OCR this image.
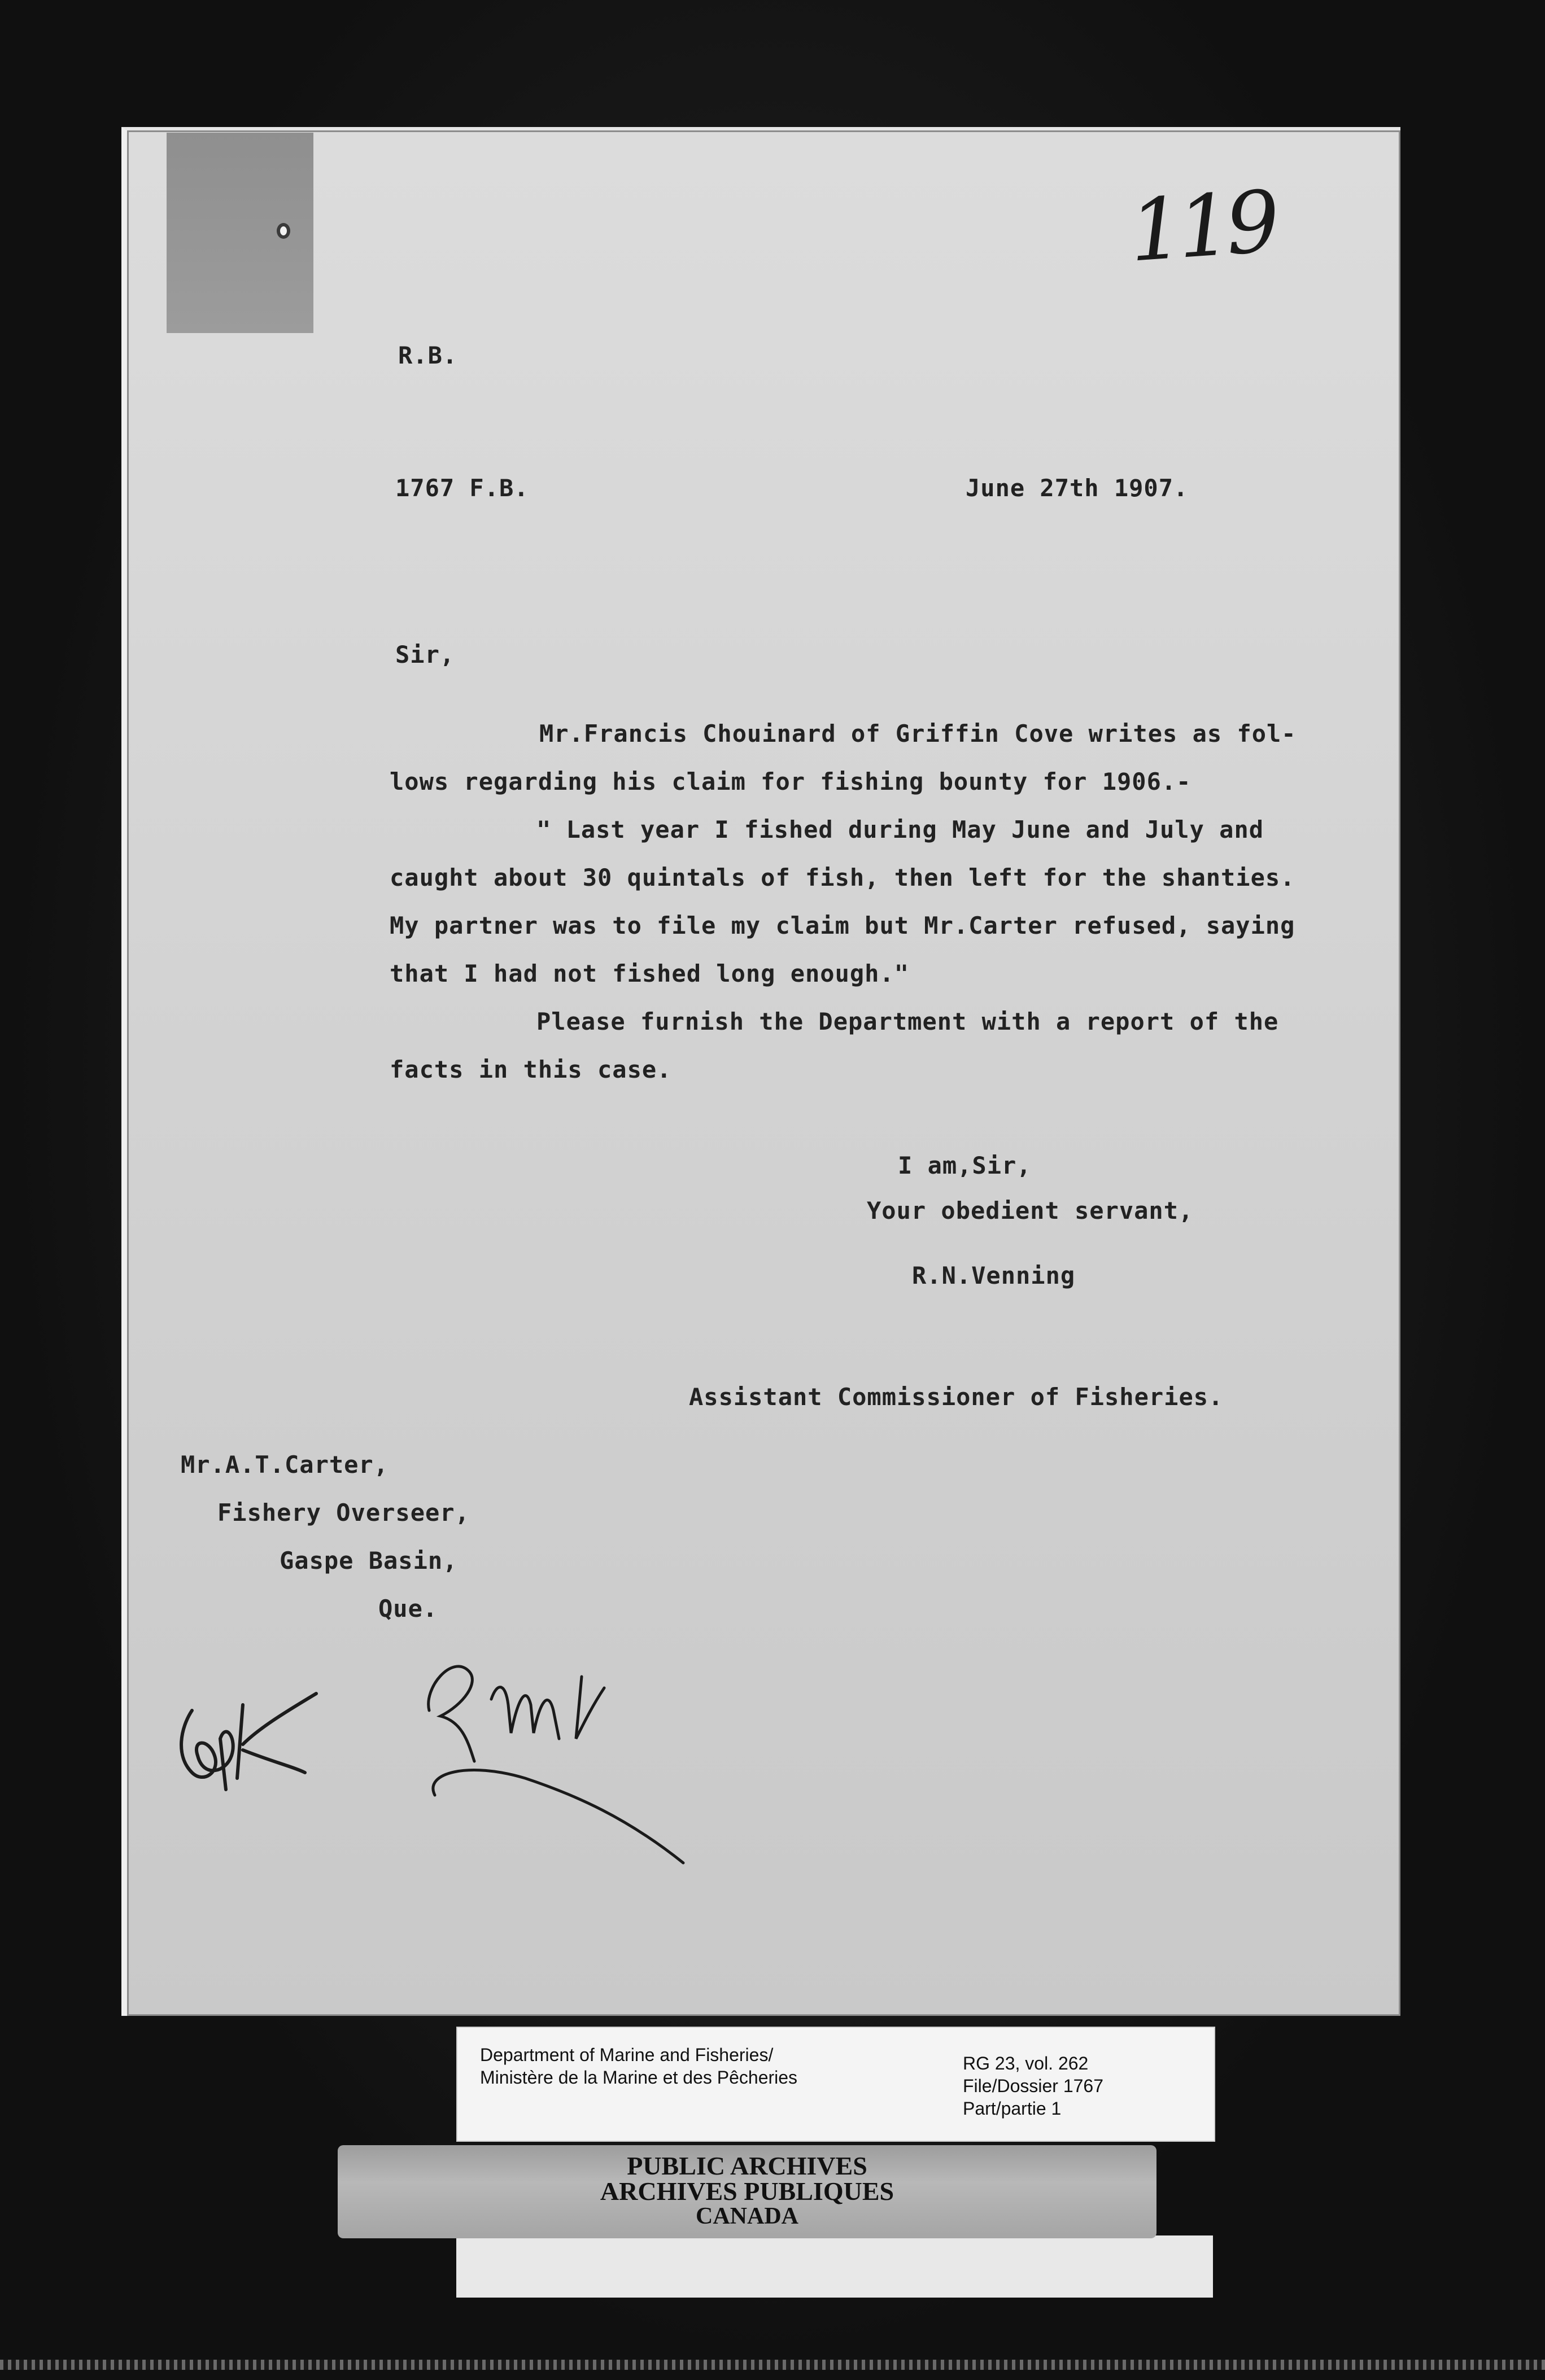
119
R.B.
1767 F.B.	June 27th 1907.
Sir,
Mr.Francis Chouinard of Griffin Cove writes as fol-
lows regarding his claim for fishing bounty for 1906.-
" Last year I fished during May June and July and
caught about 30 quintals of fish, then left for the shanties.
My partner was to file my claim but Mr.Carter refused, saying
that I had not fished long enough."
Please furnish the Department with a report of the
facts in this case.
I am,Sir,
Your obedient servant,
R.N.Venning
Assistant Commissioner of Fisheries.
Mr.A.T.Carter,
Fishery Overseer,
Gaspe Basin,
Que.
Department of Marine and Fisheries/
Ministère de la Marine et des Pêcheries
RG 23, vol. 262
File/Dossier 1767
Part/partie 1
PUBLIC ARCHIVES
ARCHIVES PUBLIQUES
CANADA
